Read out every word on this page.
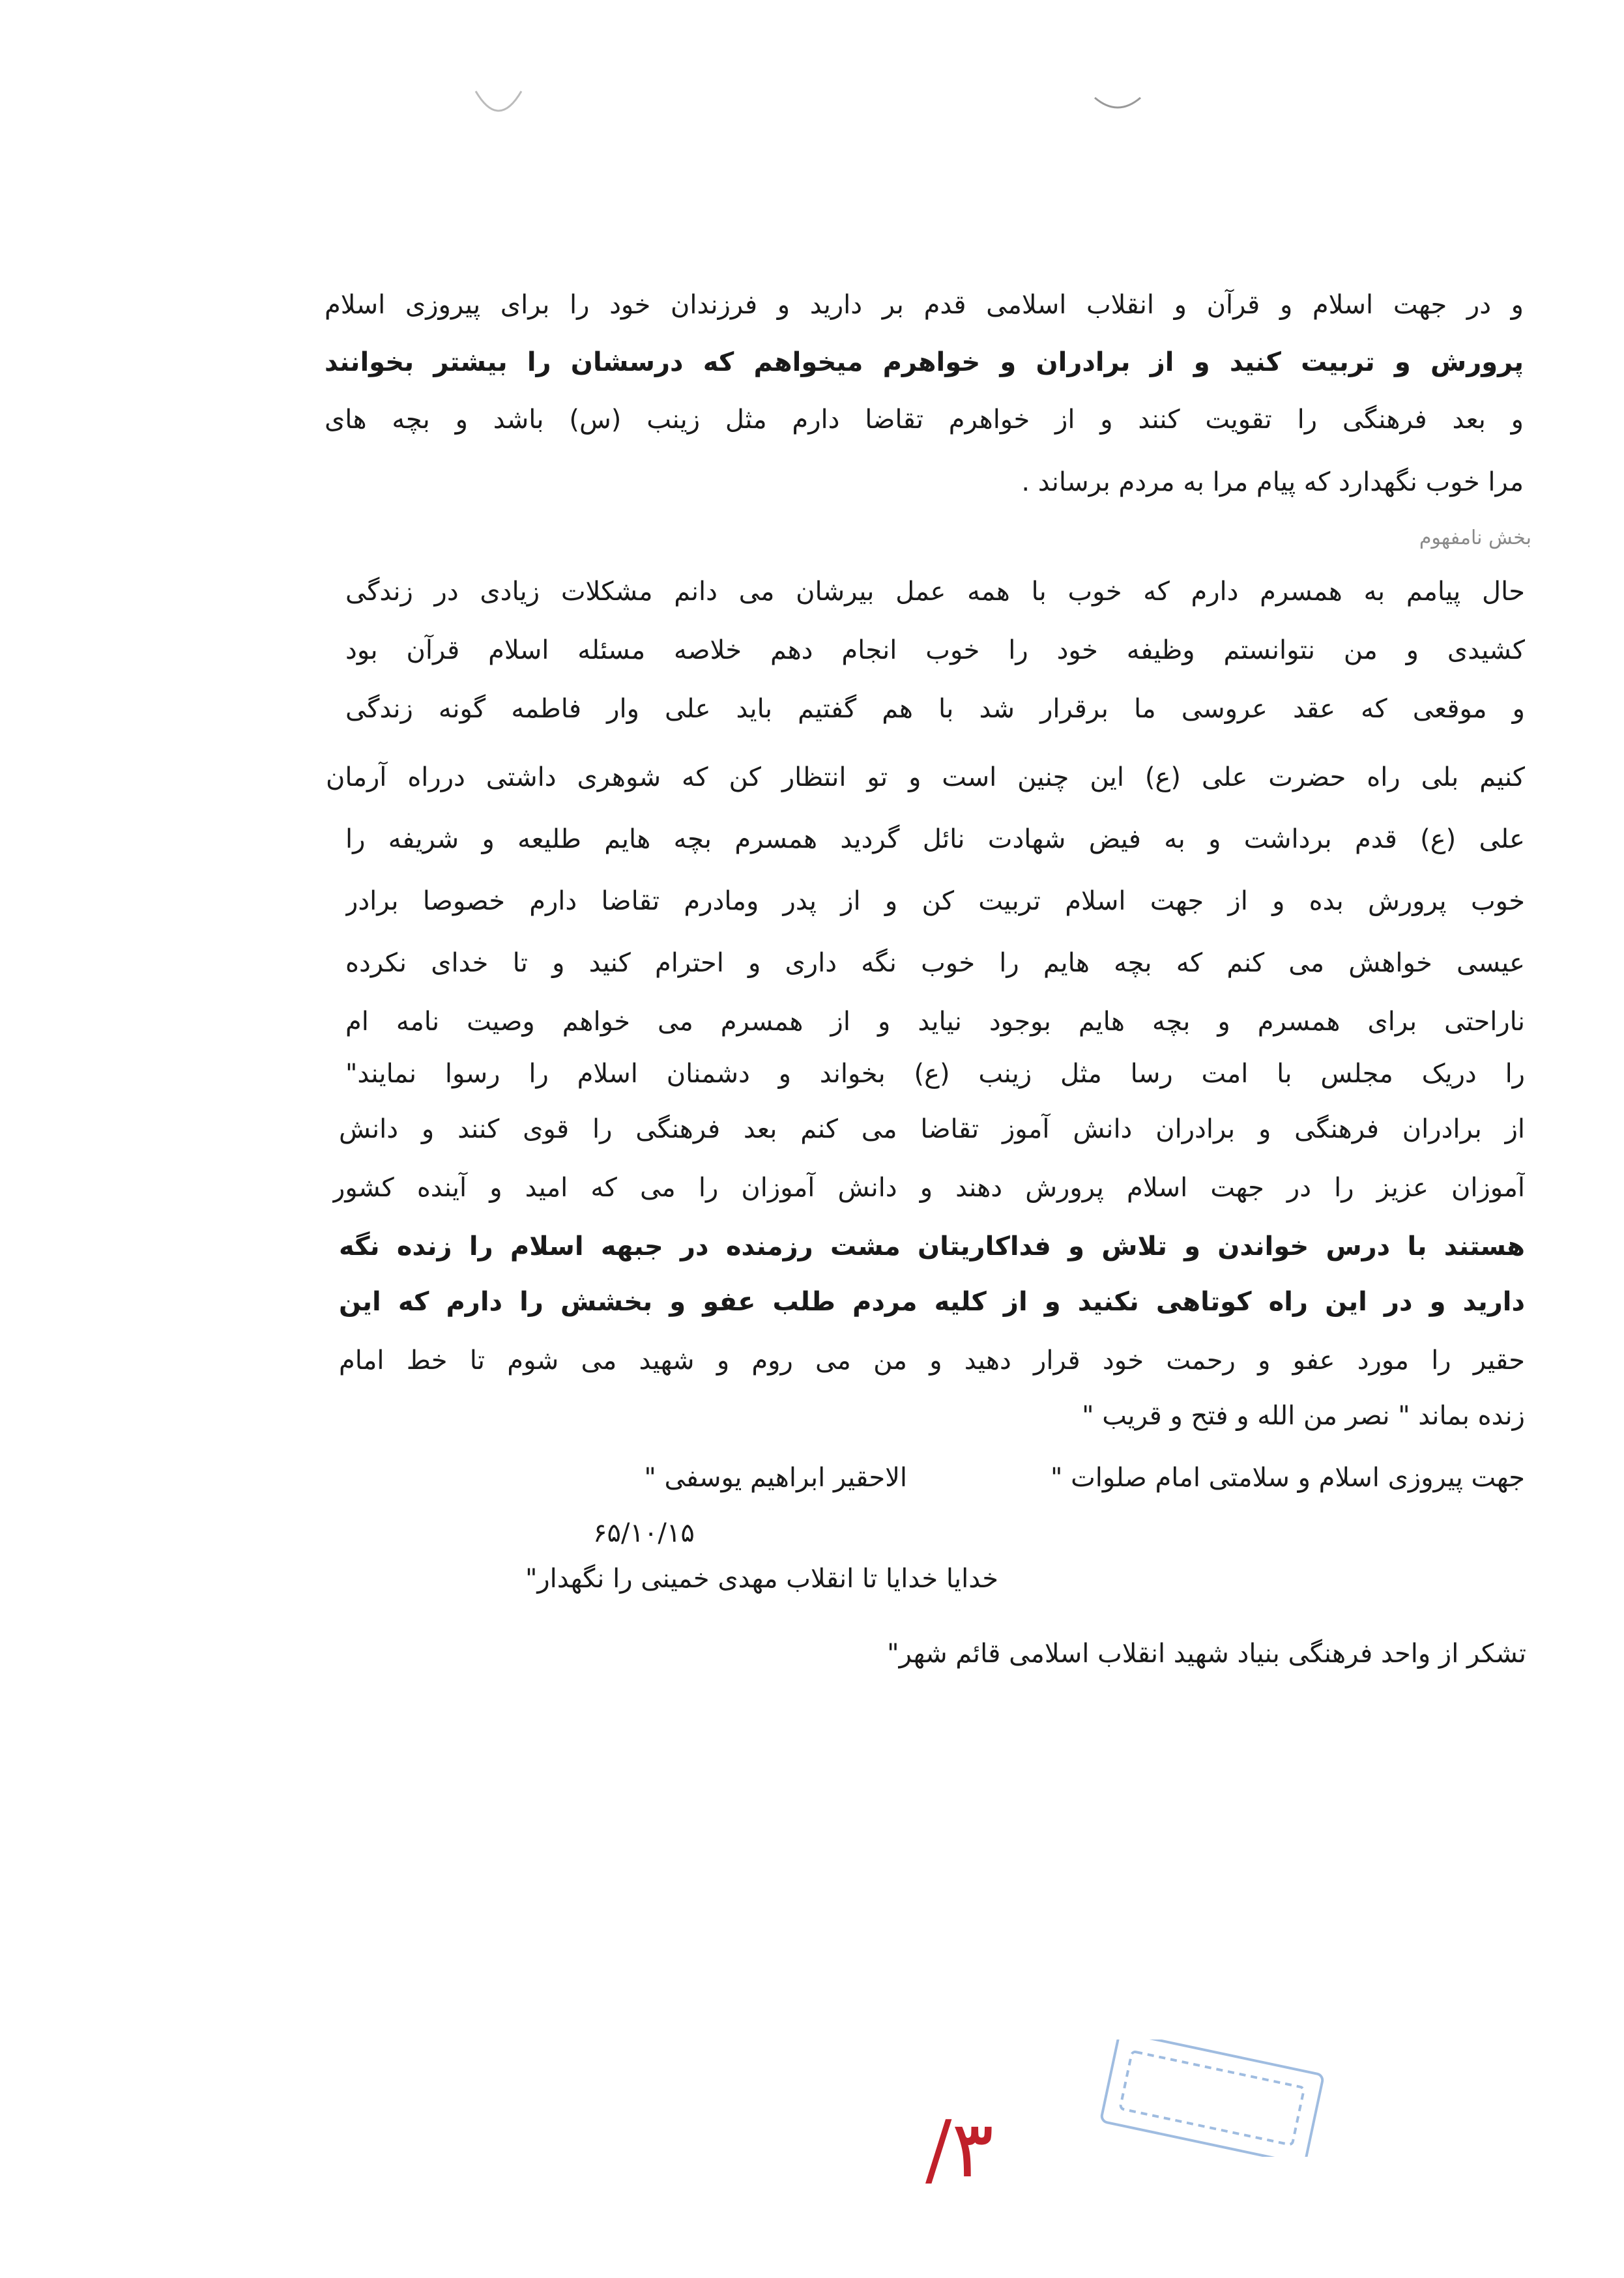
و در جهت اسلام و قرآن و انقلاب اسلامی قدم بر دارید و فرزندان خود را برای پیروزی اسلام
پرورش و تربیت کنید و از برادران و خواهرم میخواهم که درسشان را بیشتر بخوانند
و بعد فرهنگی را تقویت کنند و از خواهرم تقاضا دارم مثل زینب (س) باشد و بچه های
مرا خوب نگهدارد که پیام مرا به مردم برساند .
بخش نامفهوم
حال پیامم به همسرم دارم که خوب با همه عمل بیرشان می دانم مشکلات زیادی در زندگی
کشیدی و من نتوانستم وظیفه خود را خوب انجام دهم خلاصه مسئله اسلام قرآن بود
و موقعی که عقد عروسی ما برقرار شد با هم گفتیم باید علی وار فاطمه گونه زندگی
کنیم بلی راه حضرت علی (ع) این چنین است و تو انتظار کن که شوهری داشتی درراه آرمان
علی (ع) قدم برداشت و به فیض شهادت نائل گردید همسرم بچه هایم طلیعه و شریفه را
خوب پرورش بده و از جهت اسلام تربیت کن و از پدر ومادرم تقاضا دارم خصوصا برادر
عیسی خواهش می کنم که بچه هایم را خوب نگه داری و احترام کنید و تا خدای نکرده
ناراحتی برای همسرم و بچه هایم بوجود نیاید و از همسرم می خواهم وصیت نامه ام
را دریک مجلس با امت رسا مثل زینب (ع) بخواند و دشمنان اسلام را رسوا نمایند"
از برادران فرهنگی و برادران دانش آموز تقاضا می کنم بعد فرهنگی را قوی کنند و دانش
آموزان عزیز را در جهت اسلام پرورش دهند و دانش آموزان را می که امید و آینده کشور
هستند با درس خواندن و تلاش و فداکاریتان مشت رزمنده در جبهه اسلام را زنده نگه
دارید و در این راه کوتاهی نکنید و از کلیه مردم طلب عفو و بخشش را دارم که این
حقیر را مورد عفو و رحمت خود قرار دهید و من می روم و شهید می شوم تا خط امام
زنده بماند " نصر من الله و فتح و قریب "
جهت پیروزی اسلام و سلامتی امام صلوات "
الاحقیر ابراهیم یوسفی "
۶۵/۱۰/۱۵
خدایا خدایا تا انقلاب مهدی خمینی را نگهدار"
تشکر از واحد فرهنگی بنیاد شهید انقلاب اسلامی قائم شهر"
۳/
